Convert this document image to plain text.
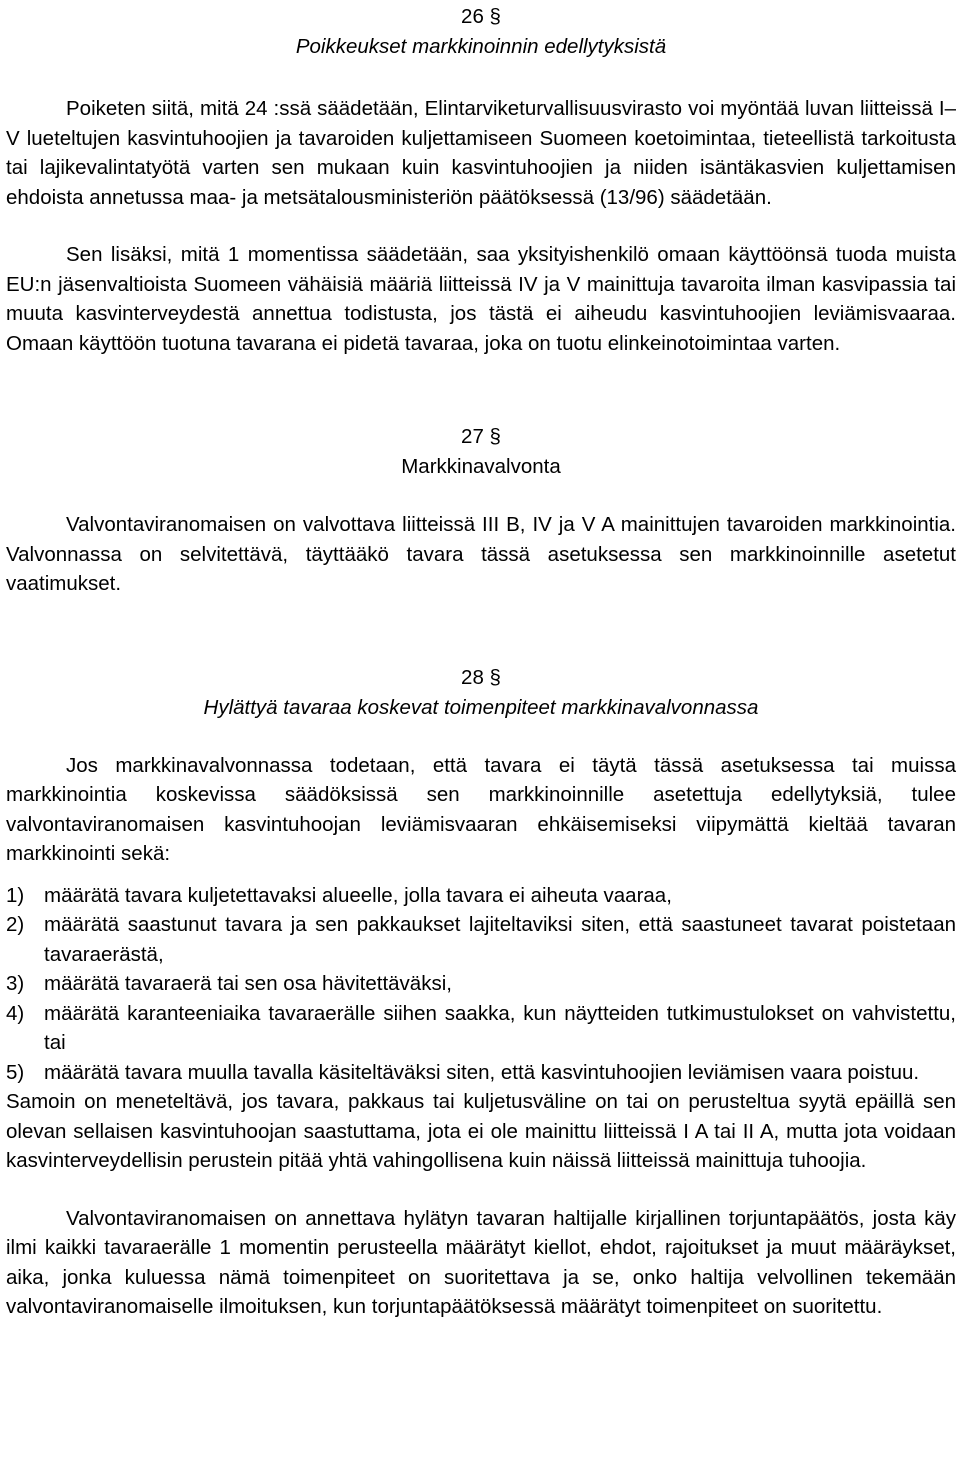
26 §
Poikkeukset markkinoinnin edellytyksistä

Poiketen siitä, mitä 24 :ssä säädetään, Elintarviketurvallisuusvirasto voi myöntää luvan liitteissä I–V lueteltujen kasvintuhoojien ja tavaroiden kuljettamiseen Suomeen koetoimintaa, tieteellistä tarkoitusta tai lajikevalintatyötä varten sen mukaan kuin kasvintuhoojien ja niiden isäntäkasvien kuljettamisen ehdoista annetussa maa- ja metsätalousministeriön päätöksessä (13/96) säädetään.

Sen lisäksi, mitä 1 momentissa säädetään, saa yksityishenkilö omaan käyttöönsä tuoda muista EU:n jäsenvaltioista Suomeen vähäisiä määriä liitteissä IV ja V mainittuja tavaroita ilman kasvipassia tai muuta kasvinterveydestä annettua todistusta, jos tästä ei aiheudu kasvintuhoojien leviämisvaaraa. Omaan käyttöön tuotuna tavarana ei pidetä tavaraa, joka on tuotu elinkeinotoimintaa varten.

27 §
Markkinavalvonta

Valvontaviranomaisen on valvottava liitteissä III B, IV ja V A mainittujen tavaroiden markkinointia. Valvonnassa on selvitettävä, täyttääkö tavara tässä asetuksessa sen markkinoinnille asetetut vaatimukset.

28 §
Hylättyä tavaraa koskevat toimenpiteet markkinavalvonnassa

Jos markkinavalvonnassa todetaan, että tavara ei täytä tässä asetuksessa tai muissa markkinointia koskevissa säädöksissä sen markkinoinnille asetettuja edellytyksiä, tulee valvontaviranomaisen kasvintuhoojan leviämisvaaran ehkäisemiseksi viipymättä kieltää tavaran markkinointi sekä:

1) määrätä tavara kuljetettavaksi alueelle, jolla tavara ei aiheuta vaaraa,
2) määrätä saastunut tavara ja sen pakkaukset lajiteltaviksi siten, että saastuneet tavarat poistetaan tavaraerästä,
3) määrätä tavaraerä tai sen osa hävitettäväksi,
4) määrätä karanteeniaika tavaraerälle siihen saakka, kun näytteiden tutkimustulokset on vahvistettu, tai
5) määrätä tavara muulla tavalla käsiteltäväksi siten, että kasvintuhoojien leviämisen vaara poistuu.

Samoin on meneteltävä, jos tavara, pakkaus tai kuljetusväline on tai on perusteltua syytä epäillä sen olevan sellaisen kasvintuhoojan saastuttama, jota ei ole mainittu liitteissä I A tai II A, mutta jota voidaan kasvinterveydellisin perustein pitää yhtä vahingollisena kuin näissä liitteissä mainittuja tuhoojia.

Valvontaviranomaisen on annettava hylätyn tavaran haltijalle kirjallinen torjuntapäätös, josta käy ilmi kaikki tavaraerälle 1 momentin perusteella määrätyt kiellot, ehdot, rajoitukset ja muut määräykset, aika, jonka kuluessa nämä toimenpiteet on suoritettava ja se, onko haltija velvollinen tekemään valvontaviranomaiselle ilmoituksen, kun torjuntapäätöksessä määrätyt toimenpiteet on suoritettu.
